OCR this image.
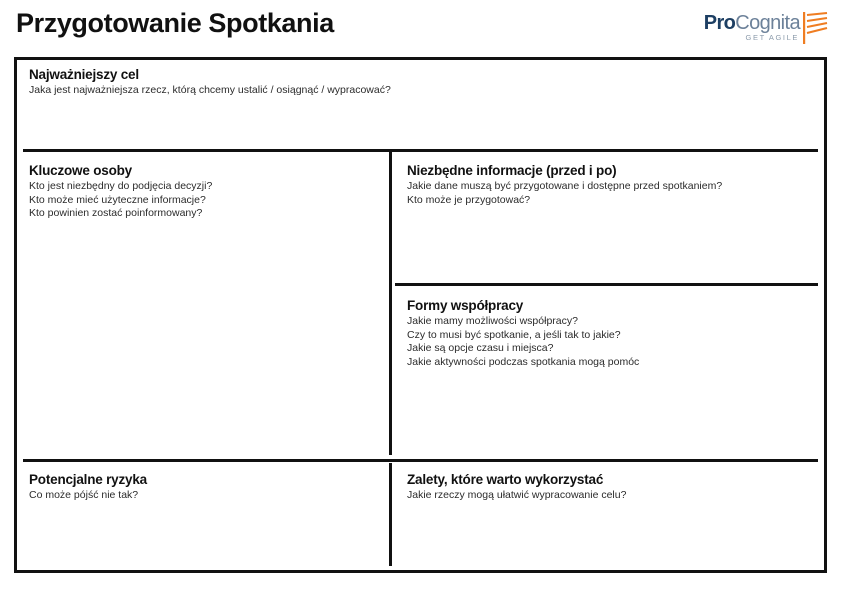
Przygotowanie Spotkania	ProCognita
GET AGILE
Najważniejszy cel
Jaka jest najważniejsza rzecz, którą chcemy ustalić / osiągnąć / wypracować?
Kluczowe osoby
Kto jest niezbędny do podjęcia decyzji?
Kto może mieć użyteczne informacje?
Kto powinien zostać poinformowany?
Niezbędne informacje (przed i po)
Jakie dane muszą być przygotowane i dostępne przed spotkaniem?
Kto może je przygotować?
Formy współpracy
Jakie mamy możliwości współpracy?
Czy to musi być spotkanie, a jeśli tak to jakie?
Jakie są opcje czasu i miejsca?
Jakie aktywności podczas spotkania mogą pomóc
Potencjalne ryzyka
Co może pójść nie tak?
Zalety, które warto wykorzystać
Jakie rzeczy mogą ułatwić wypracowanie celu?
